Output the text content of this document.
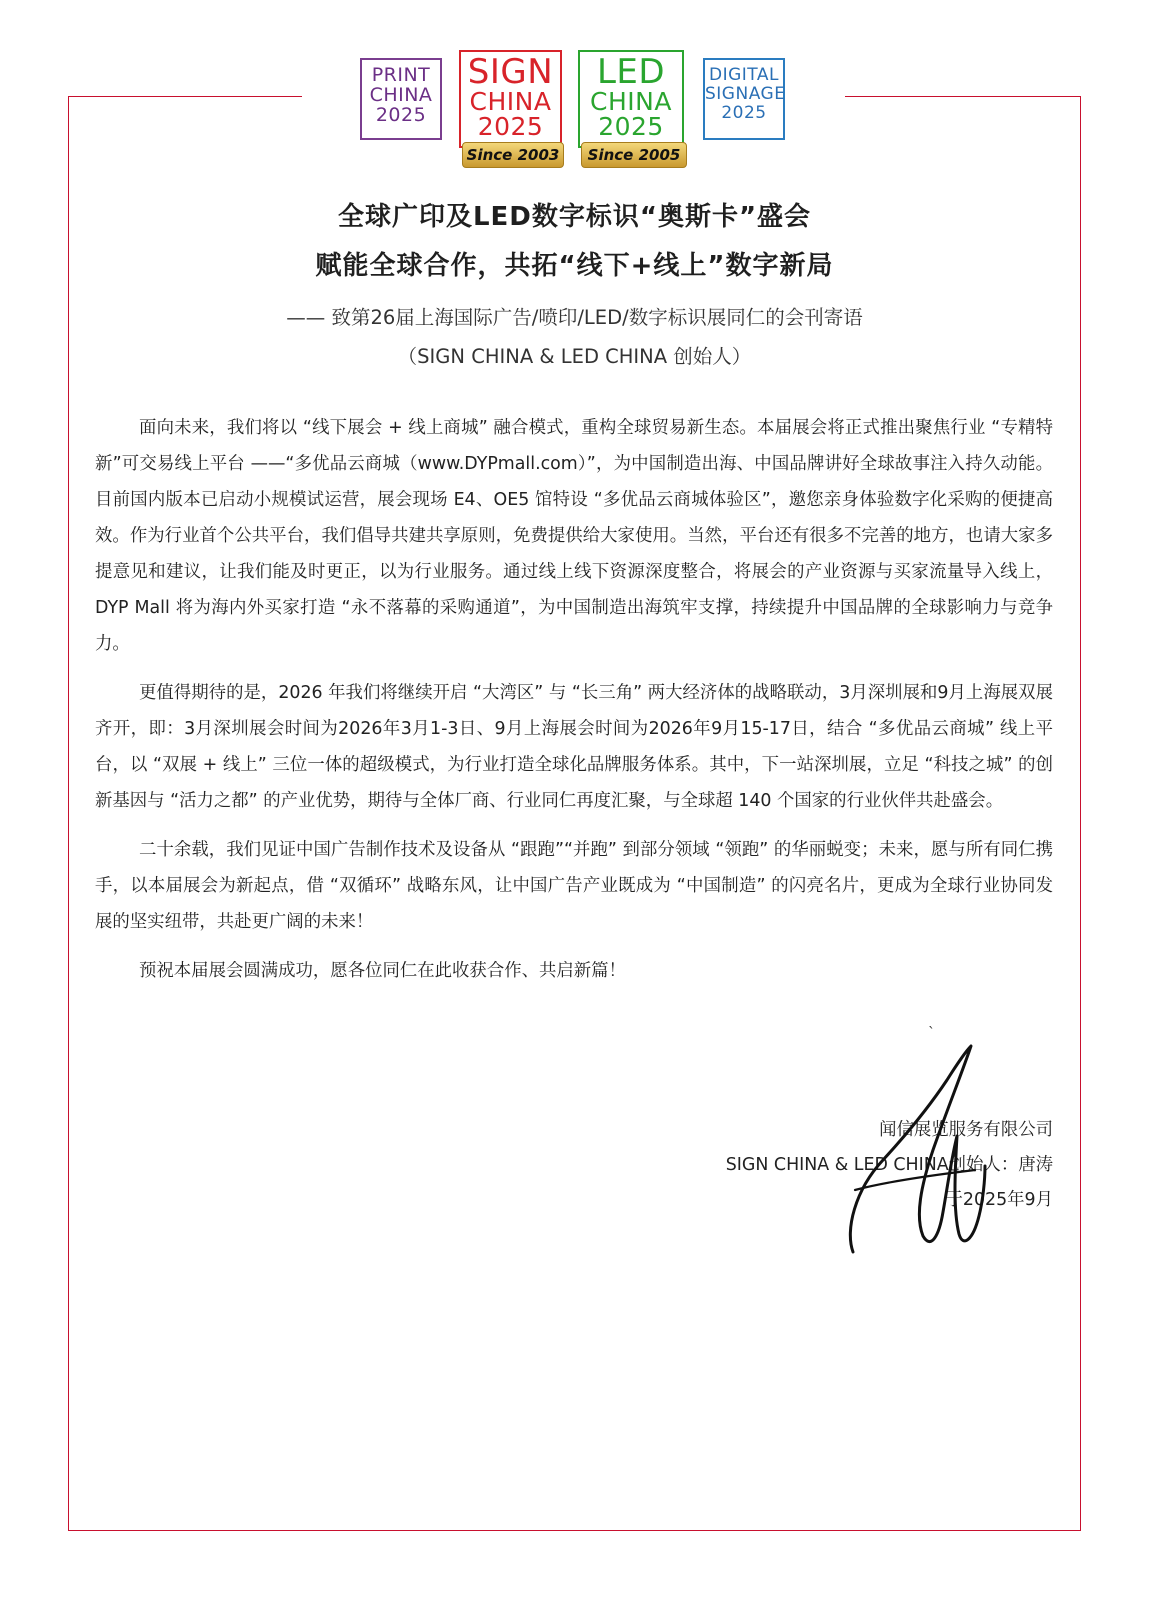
PRINT
CHINA
2025
SIGN
CHINA
2025
Since 2003
LED
CHINA
2025
Since 2005
DIGITAL
SIGNAGE
2025
全球广印及LED数字标识“奥斯卡”盛会
赋能全球合作，共拓“线下+线上”数字新局
—— 致第26届上海国际广告/喷印/LED/数字标识展同仁的会刊寄语
（SIGN CHINA & LED CHINA 创始人）

面向未来，我们将以 “线下展会 + 线上商城” 融合模式，重构全球贸易新生态。本届展会将正式推出聚焦行业 “专精特新”可交易线上平台 ——“多优品云商城（www.DYPmall.com）”，为中国制造出海、中国品牌讲好全球故事注入持久动能。目前国内版本已启动小规模试运营，展会现场 E4、OE5 馆特设 “多优品云商城体验区”，邀您亲身体验数字化采购的便捷高效。作为行业首个公共平台，我们倡导共建共享原则，免费提供给大家使用。当然，平台还有很多不完善的地方，也请大家多提意见和建议，让我们能及时更正，以为行业服务。通过线上线下资源深度整合，将展会的产业资源与买家流量导入线上，DYP Mall 将为海内外买家打造 “永不落幕的采购通道”，为中国制造出海筑牢支撑，持续提升中国品牌的全球影响力与竞争力。

更值得期待的是，2026 年我们将继续开启 “大湾区” 与 “长三角” 两大经济体的战略联动，3月深圳展和9月上海展双展齐开，即：3月深圳展会时间为2026年3月1-3日、9月上海展会时间为2026年9月15-17日，结合 “多优品云商城” 线上平台，以 “双展 + 线上” 三位一体的超级模式，为行业打造全球化品牌服务体系。其中，下一站深圳展，立足 “科技之城” 的创新基因与 “活力之都” 的产业优势，期待与全体厂商、行业同仁再度汇聚，与全球超 140 个国家的行业伙伴共赴盛会。

二十余载，我们见证中国广告制作技术及设备从 “跟跑”“并跑” 到部分领域 “领跑” 的华丽蜕变；未来，愿与所有同仁携手，以本届展会为新起点，借 “双循环” 战略东风，让中国广告产业既成为 “中国制造” 的闪亮名片，更成为全球行业协同发展的坚实纽带，共赴更广阔的未来！

预祝本届展会圆满成功，愿各位同仁在此收获合作、共启新篇！

ˎ
闻信展览服务有限公司
SIGN CHINA & LED CHINA创始人：唐涛
于2025年9月
